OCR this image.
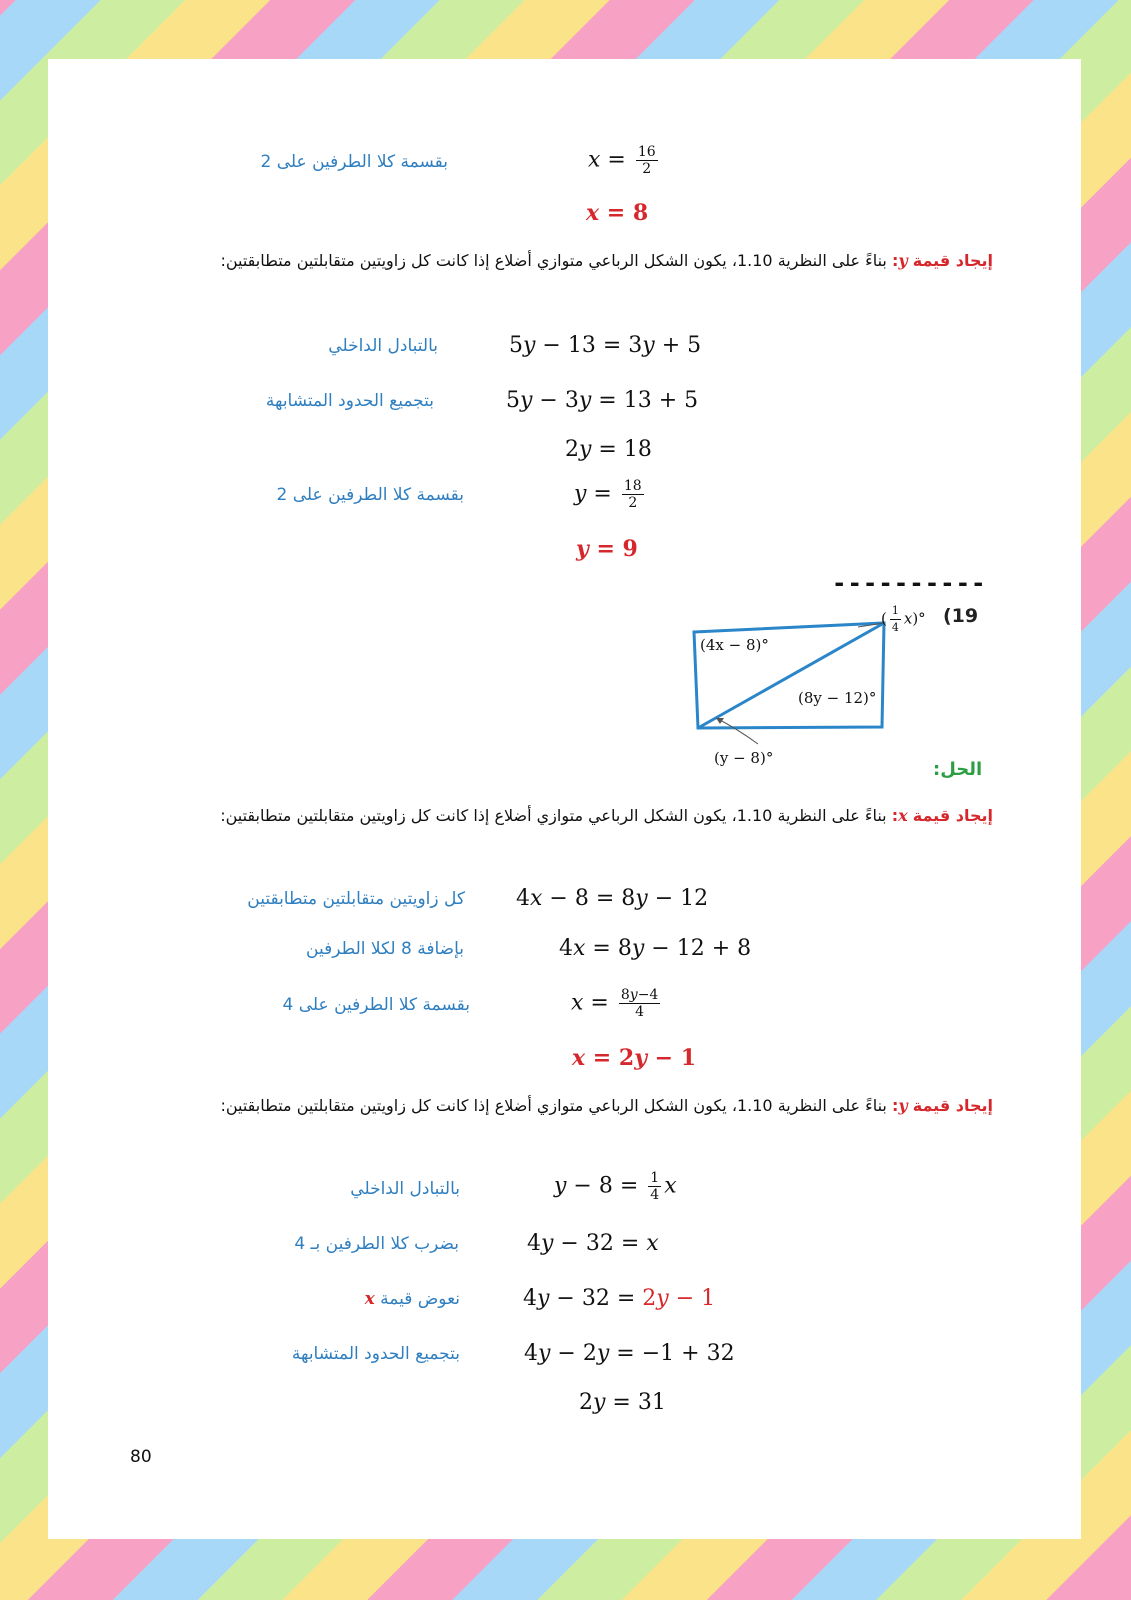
بقسمة كلا الطرفين على 2	$x = \frac{16}{2}$
x = 8
إيجاد قيمة y: بناءً على النظرية 1.10، يكون الشكل الرباعي متوازي أضلاع إذا كانت كل زاويتين متقابلتين متطابقتين:
بالتبادل الداخلي	5y − 13 = 3y + 5
بتجميع الحدود المتشابهة	5y − 3y = 13 + 5
2y = 18
بقسمة كلا الطرفين على 2	$y = \frac{18}{2}$
y = 9
----------
(19
(4x − 8)°
(8y − 12)°
(y − 8)°
( $\frac{1}{4} x)^\circ$
الحل:
إيجاد قيمة x: بناءً على النظرية 1.10، يكون الشكل الرباعي متوازي أضلاع إذا كانت كل زاويتين متقابلتين متطابقتين:
كل زاويتين متقابلتين متطابقتين 4x − 8 = 8y − 12
بإضافة 8 لكلا الطرفين	4x = 8y − 12 + 8
بقسمة كلا الطرفين على 4	$x = \frac{8y-4}{4}$
x = 2y − 1
إيجاد قيمة y: بناءً على النظرية 1.10، يكون الشكل الرباعي متوازي أضلاع إذا كانت كل زاويتين متقابلتين متطابقتين:
بالتبادل الداخلي	$y - 8 = \frac{1}{4}$ x
بضرب كلا الطرفين بـ 4	4y − 32 = x
نعوض قيمة x	4y − 32 = 2y − 1
بتجميع الحدود المتشابهة	4y − 2y = −1 + 32
2y = 31
80
